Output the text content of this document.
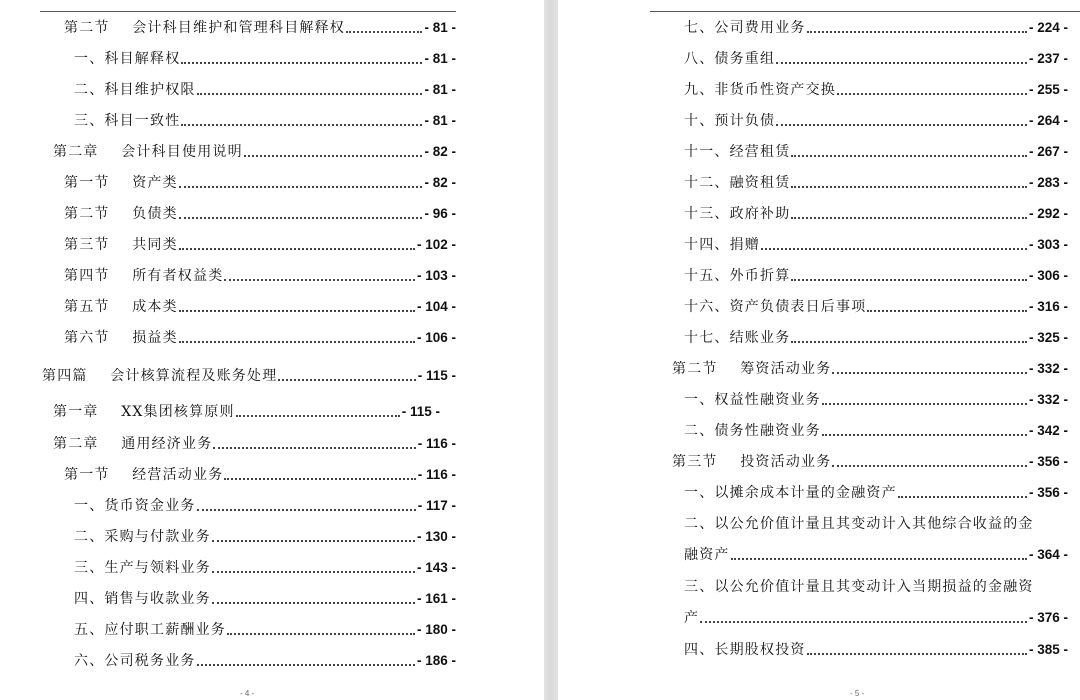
第二节    会计科目维护和管理科目解释权	- 81 -
一、科目解释权	- 81 -
二、科目维护权限	- 81 -
三、科目一致性	- 81 -
第二章    会计科目使用说明	- 82 -
第一节    资产类	- 82 -
第二节    负债类	- 96 -
第三节    共同类	- 102 -
第四节    所有者权益类	- 103 -
第五节    成本类	- 104 -
第六节    损益类	- 106 -
第四篇    会计核算流程及账务处理	- 115 -
第一章    XX集团核算原则	- 115 -
第二章    通用经济业务	- 116 -
第一节    经营活动业务	- 116 -
一、货币资金业务	- 117 -
二、采购与付款业务	- 130 -
三、生产与领料业务	- 143 -
四、销售与收款业务	- 161 -
五、应付职工薪酬业务	- 180 -
六、公司税务业务	- 186 -
- 4 -
七、公司费用业务	- 224 -
八、债务重组	- 237 -
九、非货币性资产交换	- 255 -
十、预计负债	- 264 -
十一、经营租赁	- 267 -
十二、融资租赁	- 283 -
十三、政府补助	- 292 -
十四、捐赠	- 303 -
十五、外币折算	- 306 -
十六、资产负债表日后事项	- 316 -
十七、结账业务	- 325 -
第二节    筹资活动业务	- 332 -
一、权益性融资业务	- 332 -
二、债务性融资业务	- 342 -
第三节    投资活动业务	- 356 -
一、以摊余成本计量的金融资产	- 356 -
二、以公允价值计量且其变动计入其他综合收益的金
融资产	- 364 -
三、以公允价值计量且其变动计入当期损益的金融资
产	- 376 -
四、长期股权投资	- 385 -
- 5 -
